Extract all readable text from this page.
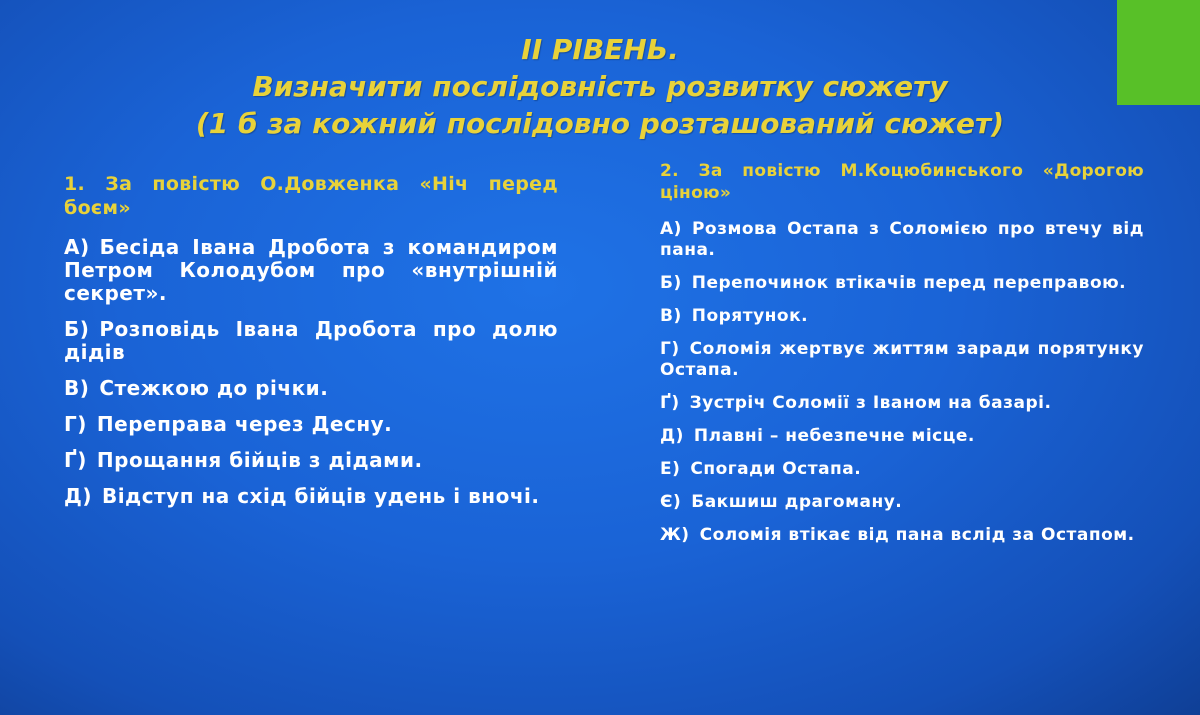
II РІВЕНЬ.
Визначити послідовність розвитку сюжету
(1 б за кожний послідовно розташований сюжет)
1. За повістю О.Довженка «Ніч перед боєм»
А) Бесіда Івана Дробота з командиром Петром Колодубом про «внутрішній секрет».
Б) Розповідь Івана Дробота про долю дідів
В) Стежкою до річки.
Г) Переправа через Десну.
Ґ) Прощання бійців з дідами.
Д) Відступ на схід бійців удень і вночі.
2. За повістю М.Коцюбинського «Дорогою ціною»
А) Розмова Остапа з Соломією про втечу від пана.
Б) Перепочинок втікачів перед переправою.
В) Порятунок.
Г) Соломія жертвує життям заради порятунку Остапа.
Ґ) Зустріч Соломії з Іваном на базарі.
Д) Плавні – небезпечне місце.
Е) Спогади Остапа.
Є) Бакшиш драгоману.
Ж) Соломія втікає від пана вслід за Остапом.
